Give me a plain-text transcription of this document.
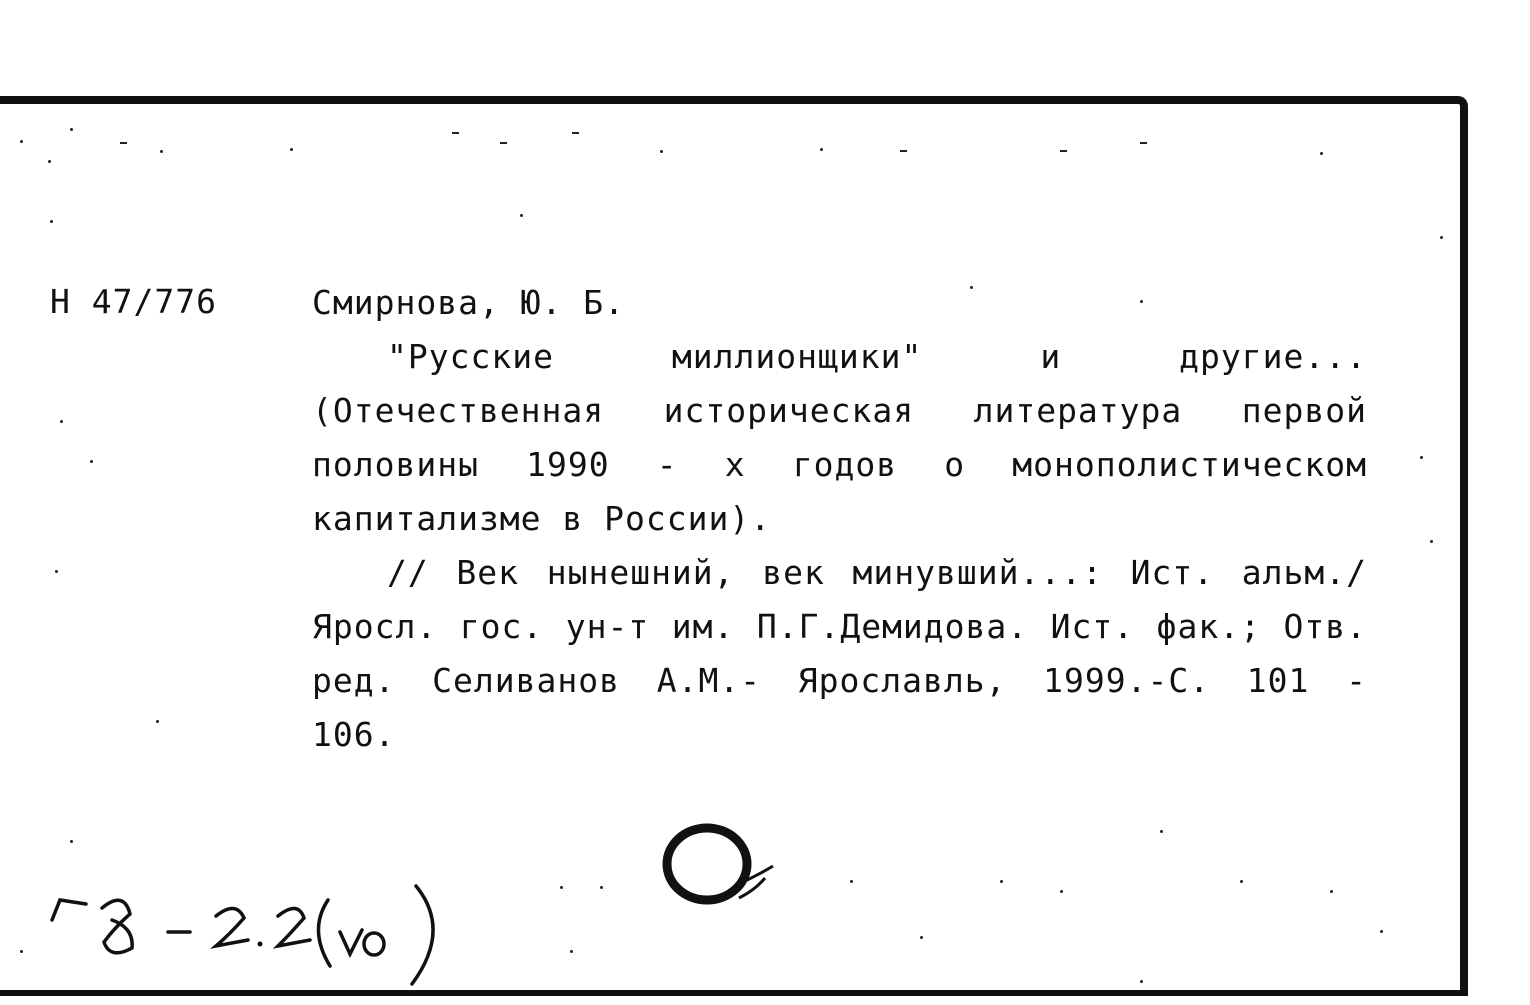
Н 47/776	Смирнова, Ю. Б.
"Русские миллионщики" и другие... (Отечественная историческая литература первой половины 1990 - х годов о монополистическом капитализме в России).
// Век нынешний, век минувший...: Ист. альм./ Яросл. гос. ун-т им. П.Г.Демидова. Ист. фак.; Отв. ред. Селиванов А.М.- Ярославль, 1999.-С. 101 - 106.
